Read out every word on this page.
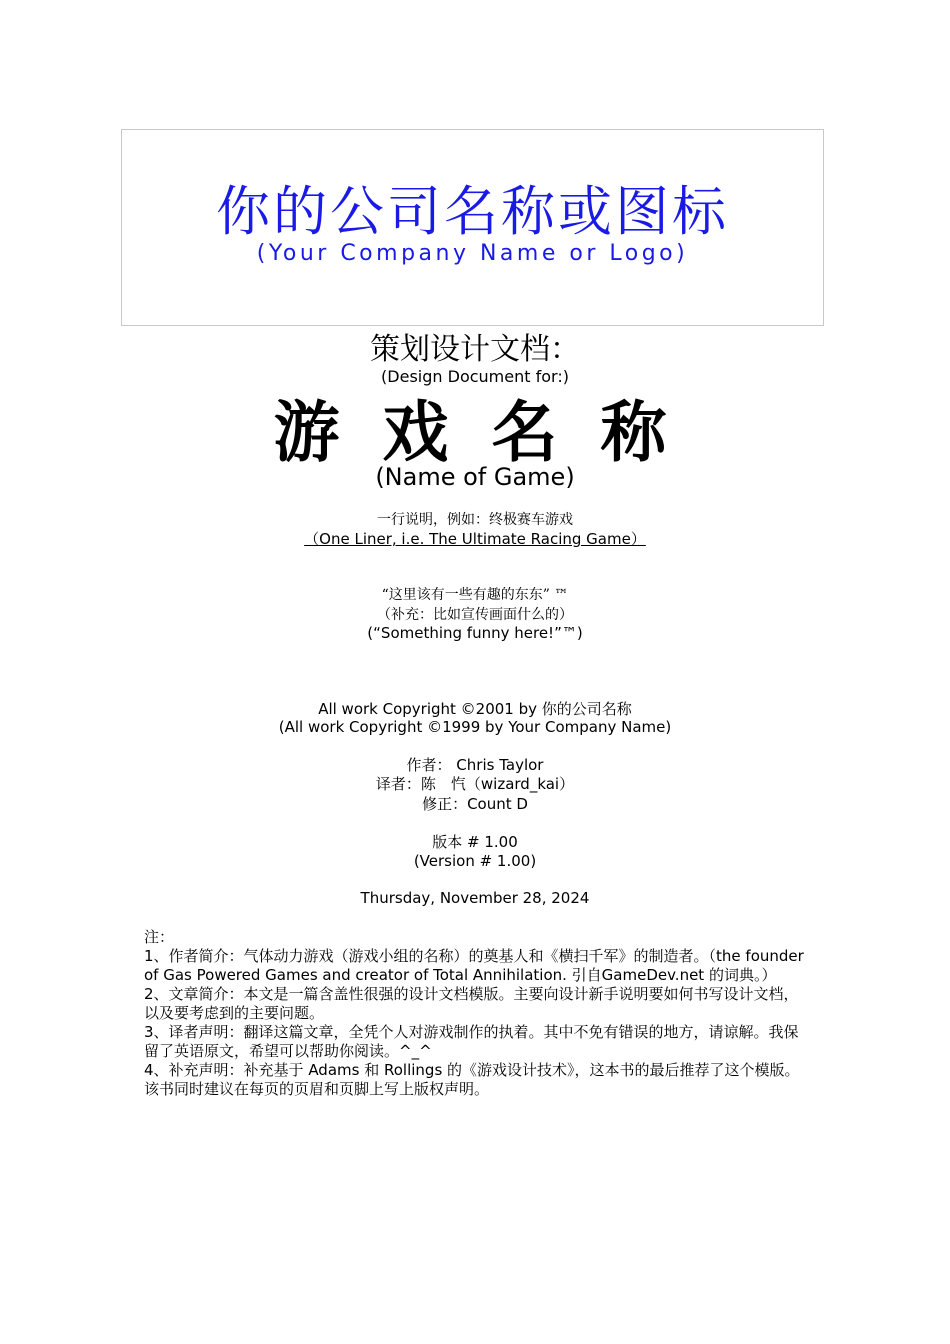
你的公司名称或图标
(Your Company Name or Logo)
策划设计文档：
(Design Document for:)
游 戏 名 称
(Name of Game)
一行说明，例如：终极赛车游戏
（One Liner, i.e. The Ultimate Racing Game）
“这里该有一些有趣的东东” ™
（补充：比如宣传画面什么的）
(“Something funny here!”™)
All work Copyright ©2001 by 你的公司名称
(All work Copyright ©1999 by Your Company Name)
作者： Chris Taylor
译者：陈　忾（wizard_kai）
修正：Count D
版本 # 1.00
(Version # 1.00)
Thursday, November 28, 2024

注：

1、作者简介：气体动力游戏（游戏小组的名称）的奠基人和《横扫千军》的制造者。（the founder of Gas Powered Games and creator of Total Annihilation. 引自GameDev.net 的词典。）

2、文章简介：本文是一篇含盖性很强的设计文档模版。主要向设计新手说明要如何书写设计文档，以及要考虑到的主要问题。

3、译者声明：翻译这篇文章，全凭个人对游戏制作的执着。其中不免有错误的地方，请谅解。我保留了英语原文，希望可以帮助你阅读。^_^

4、补充声明：补充基于 Adams 和 Rollings 的《游戏设计技术》，这本书的最后推荐了这个模版。该书同时建议在每页的页眉和页脚上写上版权声明。
